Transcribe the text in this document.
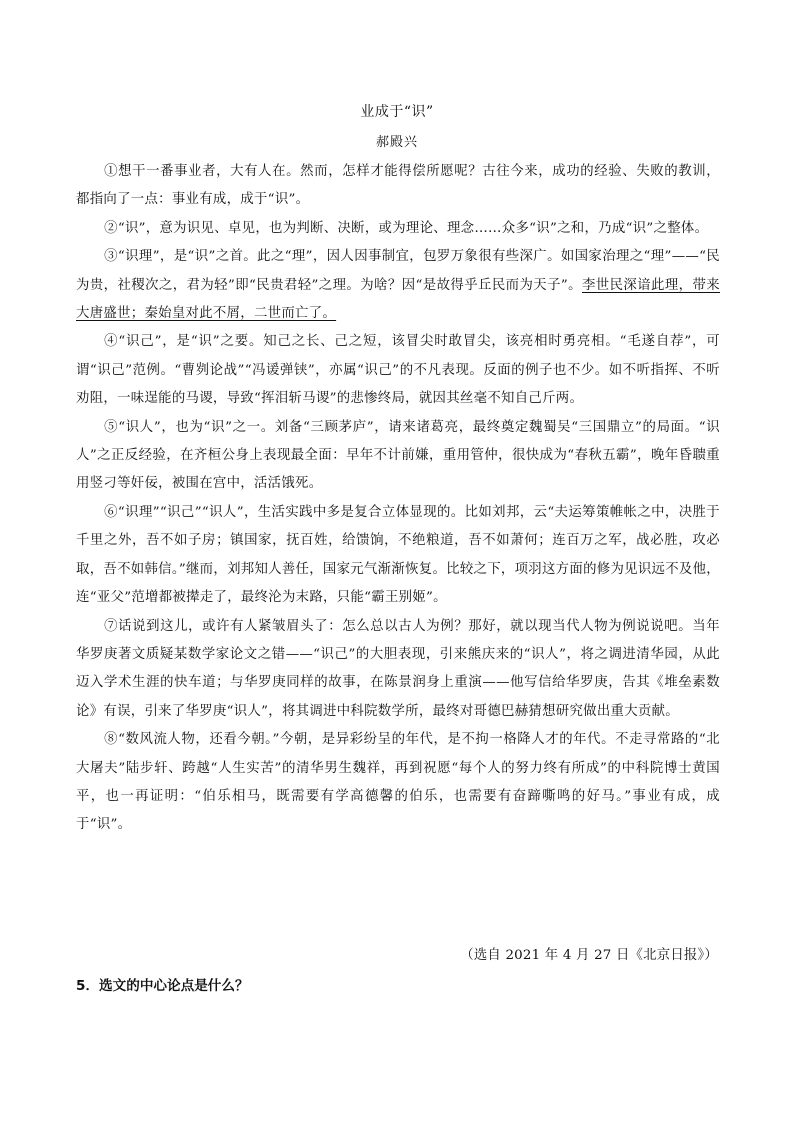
业成于“识”
郝殿兴

①想干一番事业者，大有人在。然而，怎样才能得偿所愿呢？古往今来，成功的经验、失败的教训，都指向了一点：事业有成，成于“识”。

②“识”，意为识见、卓见，也为判断、决断，或为理论、理念……众多“识”之和，乃成“识”之整体。

③“识理”，是“识”之首。此之“理”，因人因事制宜，包罗万象很有些深广。如国家治理之“理”——“民为贵，社稷次之，君为轻”即“民贵君轻”之理。为啥？因“是故得乎丘民而为天子”。李世民深谙此理，带来大唐盛世；秦始皇对此不屑，二世而亡了。

④“识己”，是“识”之要。知己之长、己之短，该冒尖时敢冒尖，该亮相时勇亮相。“毛遂自荐”，可谓“识己”范例。“曹刿论战”“冯谖弹铗”，亦属“识己”的不凡表现。反面的例子也不少。如不听指挥、不听劝阻，一味逞能的马谡，导致“挥泪斩马谡”的悲惨终局，就因其丝毫不知自己斤两。

⑤“识人”，也为“识”之一。刘备“三顾茅庐”，请来诸葛亮，最终奠定魏蜀吴“三国鼎立”的局面。“识人”之正反经验，在齐桓公身上表现最全面：早年不计前嫌，重用管仲，很快成为“春秋五霸”，晚年昏聩重用竖刁等奸佞，被围在宫中，活活饿死。

⑥“识理”“识己”“识人”，生活实践中多是复合立体显现的。比如刘邦，云“夫运筹策帷帐之中，决胜于千里之外，吾不如子房；镇国家，抚百姓，给馈饷，不绝粮道，吾不如萧何；连百万之军，战必胜，攻必取，吾不如韩信。”继而，刘邦知人善任，国家元气渐渐恢复。比较之下，项羽这方面的修为见识远不及他，连“亚父”范增都被撵走了，最终沦为末路，只能“霸王别姬”。

⑦话说到这儿，或许有人紧皱眉头了：怎么总以古人为例？那好，就以现当代人物为例说说吧。当年华罗庚著文质疑某数学家论文之错——“识己”的大胆表现，引来熊庆来的“识人”，将之调进清华园，从此迈入学术生涯的快车道；与华罗庚同样的故事，在陈景润身上重演——他写信给华罗庚，告其《堆垒素数论》有误，引来了华罗庚“识人”，将其调进中科院数学所，最终对哥德巴赫猜想研究做出重大贡献。

⑧“数风流人物，还看今朝。”今朝，是异彩纷呈的年代，是不拘一格降人才的年代。不走寻常路的“北大屠夫”陆步轩、跨越“人生实苦”的清华男生魏祥，再到祝愿“每个人的努力终有所成”的中科院博士黄国平，也一再证明：“伯乐相马，既需要有学高德馨的伯乐，也需要有奋蹄嘶鸣的好马。”事业有成，成于“识”。

（选自 2021 年 4 月 27 日《北京日报》）
5．选文的中心论点是什么？
